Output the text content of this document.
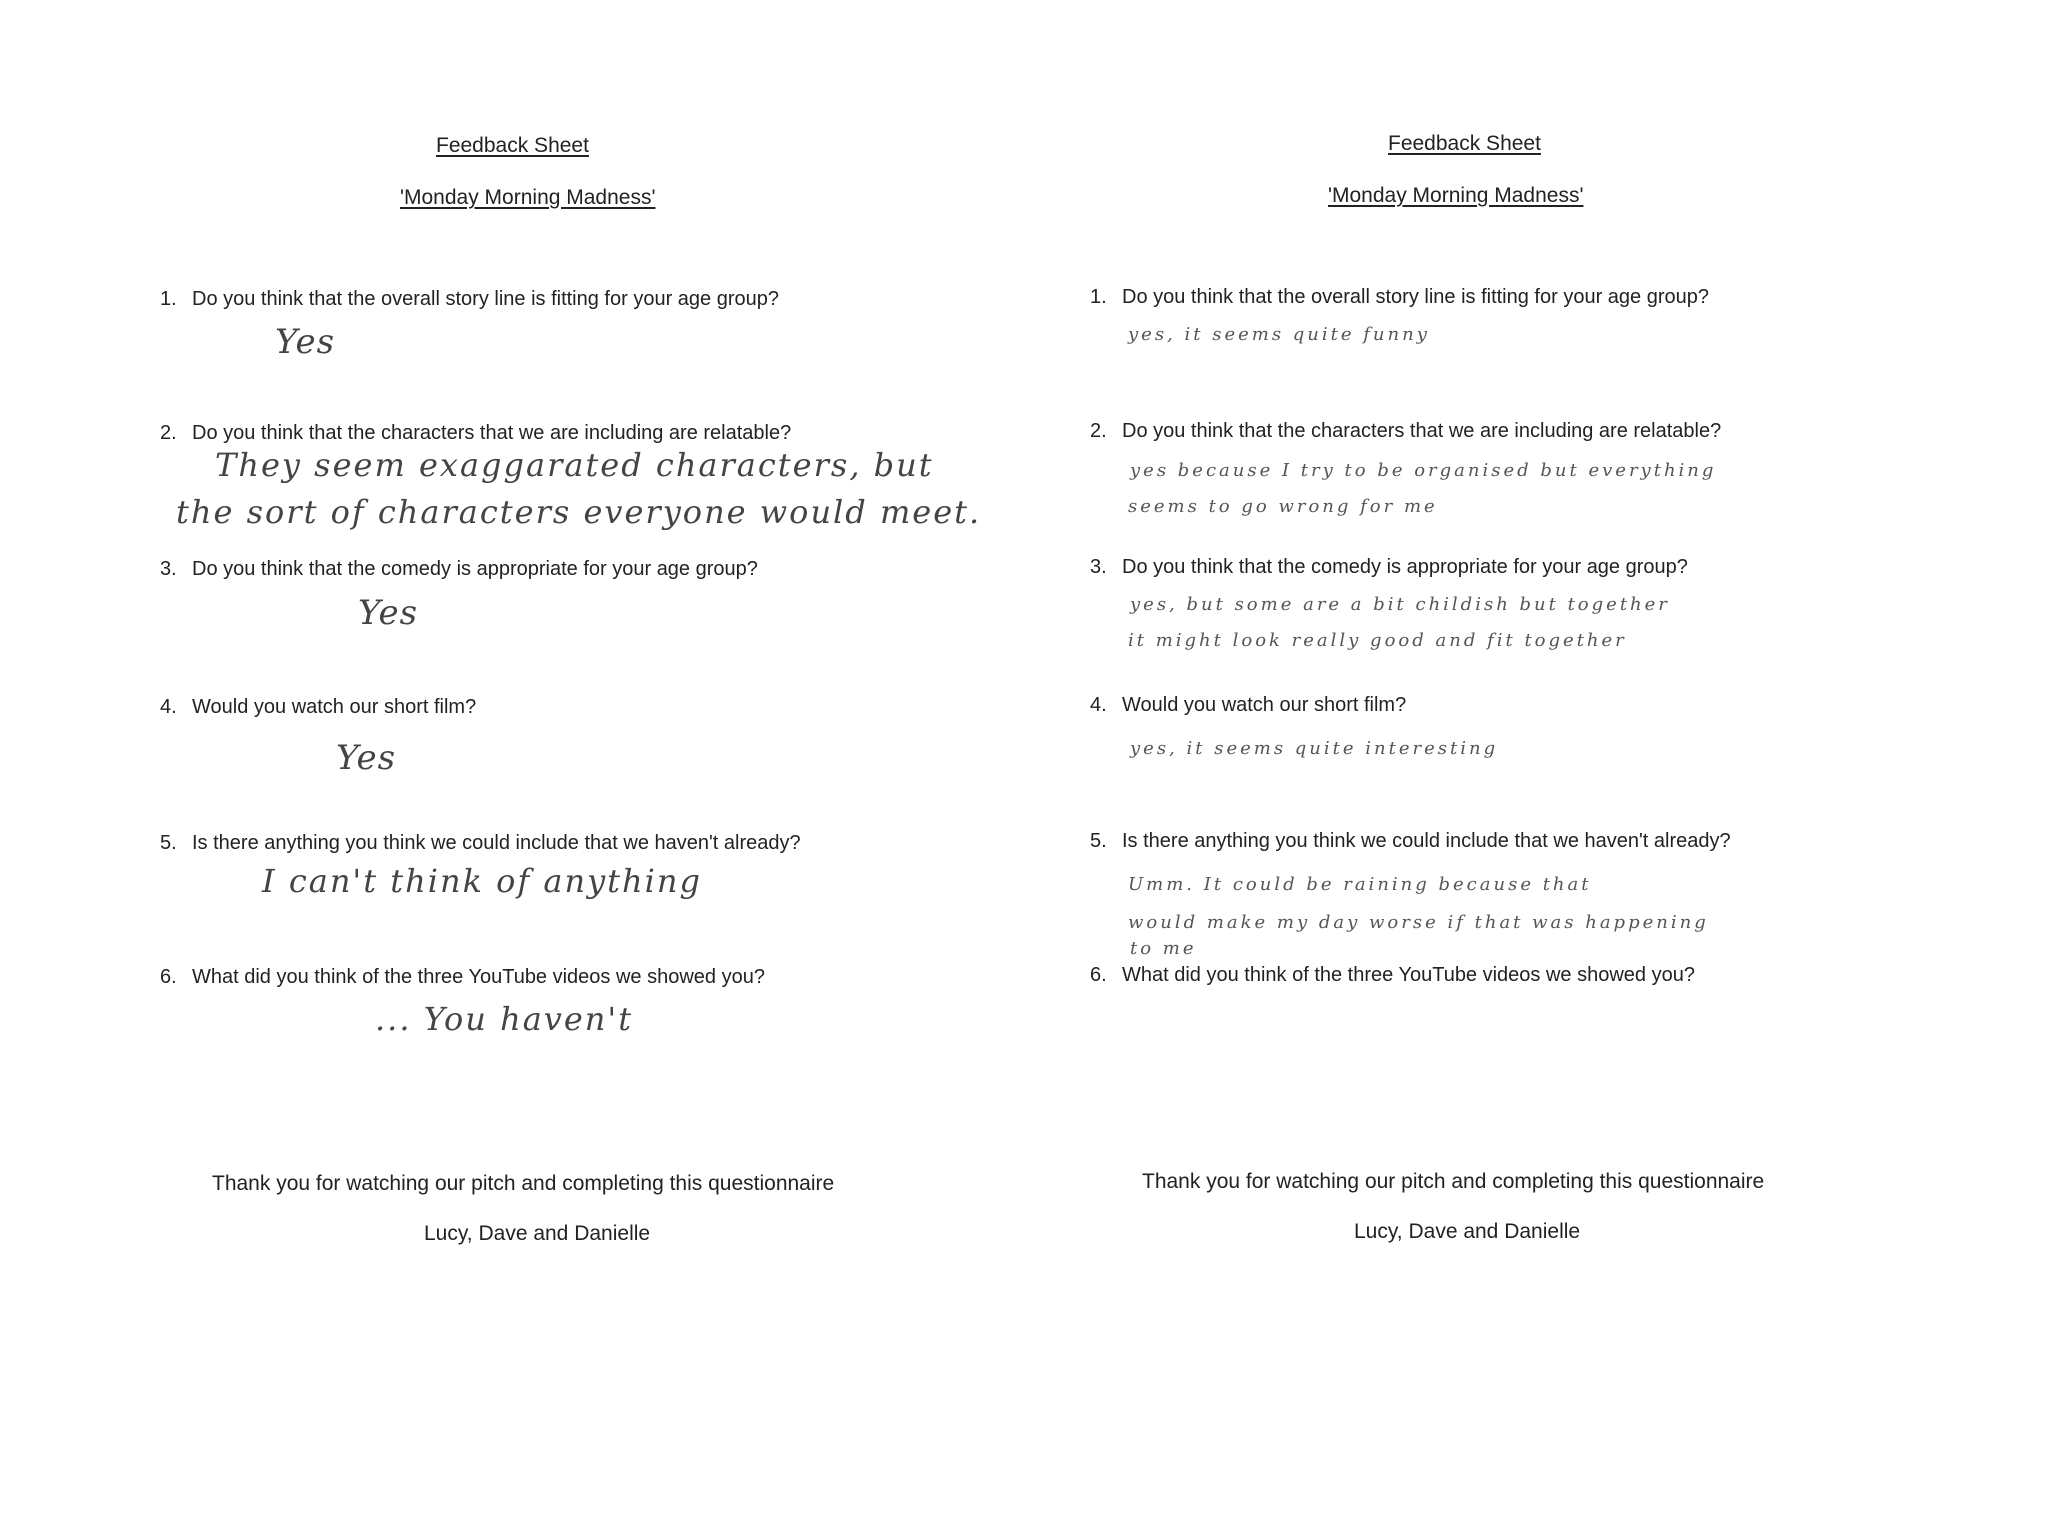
Feedback Sheet
'Monday Morning Madness'
1. Do you think that the overall story line is fitting for your age group?
Yes
2. Do you think that the characters that we are including are relatable?
They seem exaggarated characters, but
the sort of characters everyone would meet.
3. Do you think that the comedy is appropriate for your age group?
Yes
4. Would you watch our short film?
Yes
5. Is there anything you think we could include that we haven't already?
I can't think of anything
6. What did you think of the three YouTube videos we showed you?
... You haven't
Thank you for watching our pitch and completing this questionnaire
Lucy, Dave and Danielle
Feedback Sheet
'Monday Morning Madness'
1. Do you think that the overall story line is fitting for your age group?
yes, it seems quite funny
2. Do you think that the characters that we are including are relatable?
yes because I try to be organised but everything
seems to go wrong for me
3. Do you think that the comedy is appropriate for your age group?
yes, but some are a bit childish but together
it might look really good and fit together
4. Would you watch our short film?
yes, it seems quite interesting
5. Is there anything you think we could include that we haven't already?
Umm. It could be raining because that
would make my day worse if that was happening
to me
6. What did you think of the three YouTube videos we showed you?
Thank you for watching our pitch and completing this questionnaire
Lucy, Dave and Danielle
